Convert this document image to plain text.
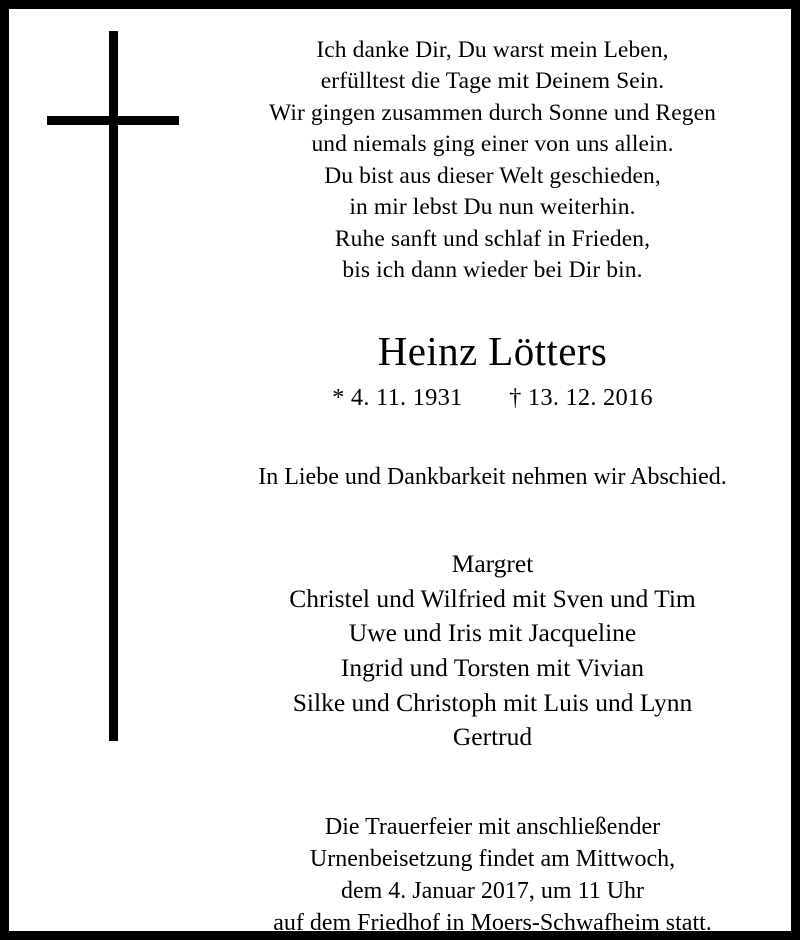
Ich danke Dir, Du warst mein Leben,
erfülltest die Tage mit Deinem Sein.
Wir gingen zusammen durch Sonne und Regen
und niemals ging einer von uns allein.
Du bist aus dieser Welt geschieden,
in mir lebst Du nun weiterhin.
Ruhe sanft und schlaf in Frieden,
bis ich dann wieder bei Dir bin.
Heinz Lötters
* 4. 11. 1931 † 13. 12. 2016
In Liebe und Dankbarkeit nehmen wir Abschied.
Margret
Christel und Wilfried mit Sven und Tim
Uwe und Iris mit Jacqueline
Ingrid und Torsten mit Vivian
Silke und Christoph mit Luis und Lynn
Gertrud
Die Trauerfeier mit anschließender
Urnenbeisetzung findet am Mittwoch,
dem 4. Januar 2017, um 11 Uhr
auf dem Friedhof in Moers-Schwafheim statt.
